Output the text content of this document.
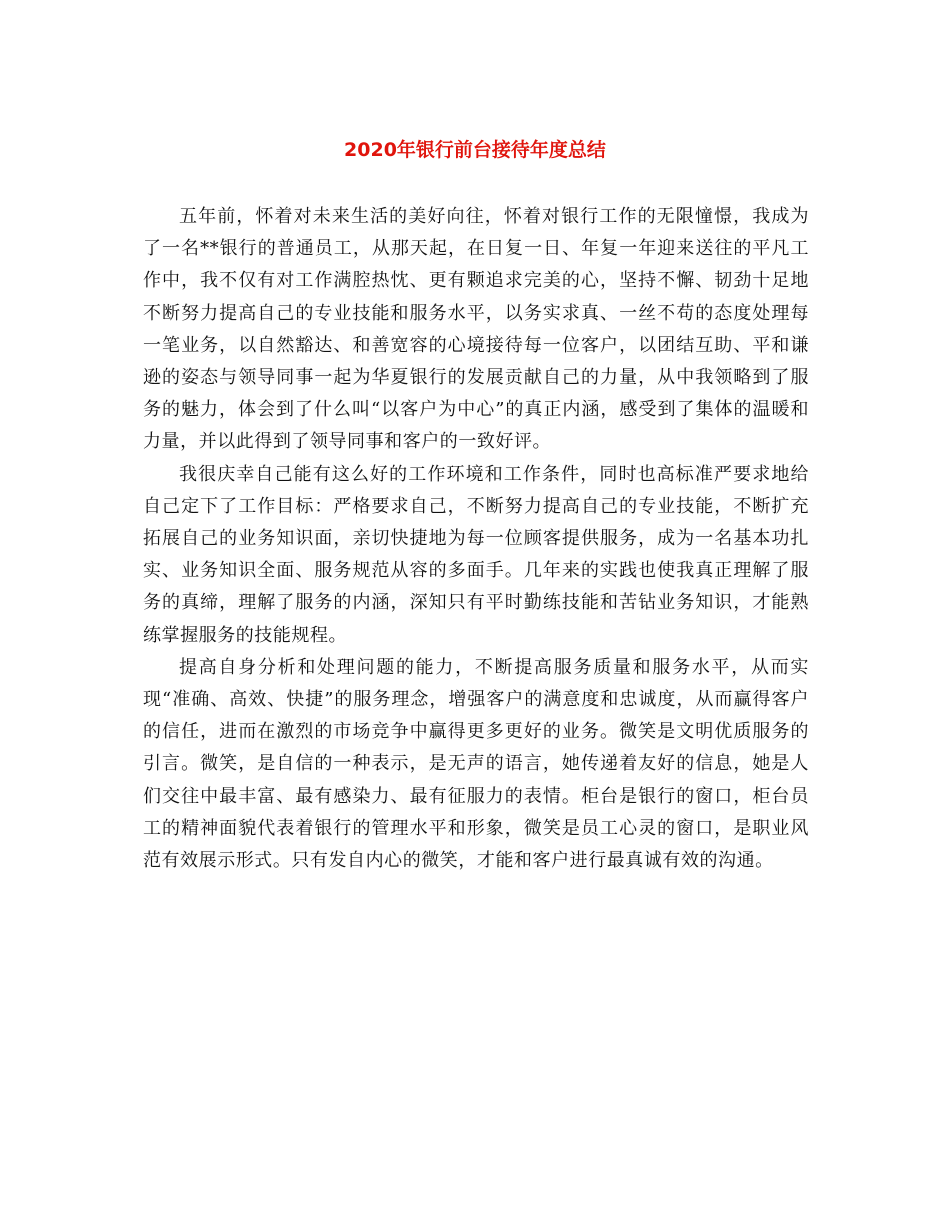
2020年银行前台接待年度总结

五年前，怀着对未来生活的美好向往，怀着对银行工作的无限憧憬，我成为了一名**银行的普通员工，从那天起，在日复一日、年复一年迎来送往的平凡工作中，我不仅有对工作满腔热忱、更有颗追求完美的心，坚持不懈、韧劲十足地不断努力提高自己的专业技能和服务水平，以务实求真、一丝不苟的态度处理每一笔业务，以自然豁达、和善宽容的心境接待每一位客户，以团结互助、平和谦逊的姿态与领导同事一起为华夏银行的发展贡献自己的力量，从中我领略到了服务的魅力，体会到了什么叫“以客户为中心”的真正内涵，感受到了集体的温暖和力量，并以此得到了领导同事和客户的一致好评。

我很庆幸自己能有这么好的工作环境和工作条件，同时也高标准严要求地给自己定下了工作目标：严格要求自己，不断努力提高自己的专业技能，不断扩充拓展自己的业务知识面，亲切快捷地为每一位顾客提供服务，成为一名基本功扎实、业务知识全面、服务规范从容的多面手。几年来的实践也使我真正理解了服务的真缔，理解了服务的内涵，深知只有平时勤练技能和苦钻业务知识，才能熟练掌握服务的技能规程。

提高自身分析和处理问题的能力，不断提高服务质量和服务水平，从而实现“准确、高效、快捷”的服务理念，增强客户的满意度和忠诚度，从而赢得客户的信任，进而在激烈的市场竞争中赢得更多更好的业务。微笑是文明优质服务的引言。微笑，是自信的一种表示，是无声的语言，她传递着友好的信息，她是人们交往中最丰富、最有感染力、最有征服力的表情。柜台是银行的窗口，柜台员工的精神面貌代表着银行的管理水平和形象，微笑是员工心灵的窗口，是职业风范有效展示形式。只有发自内心的微笑，才能和客户进行最真诚有效的沟通。
